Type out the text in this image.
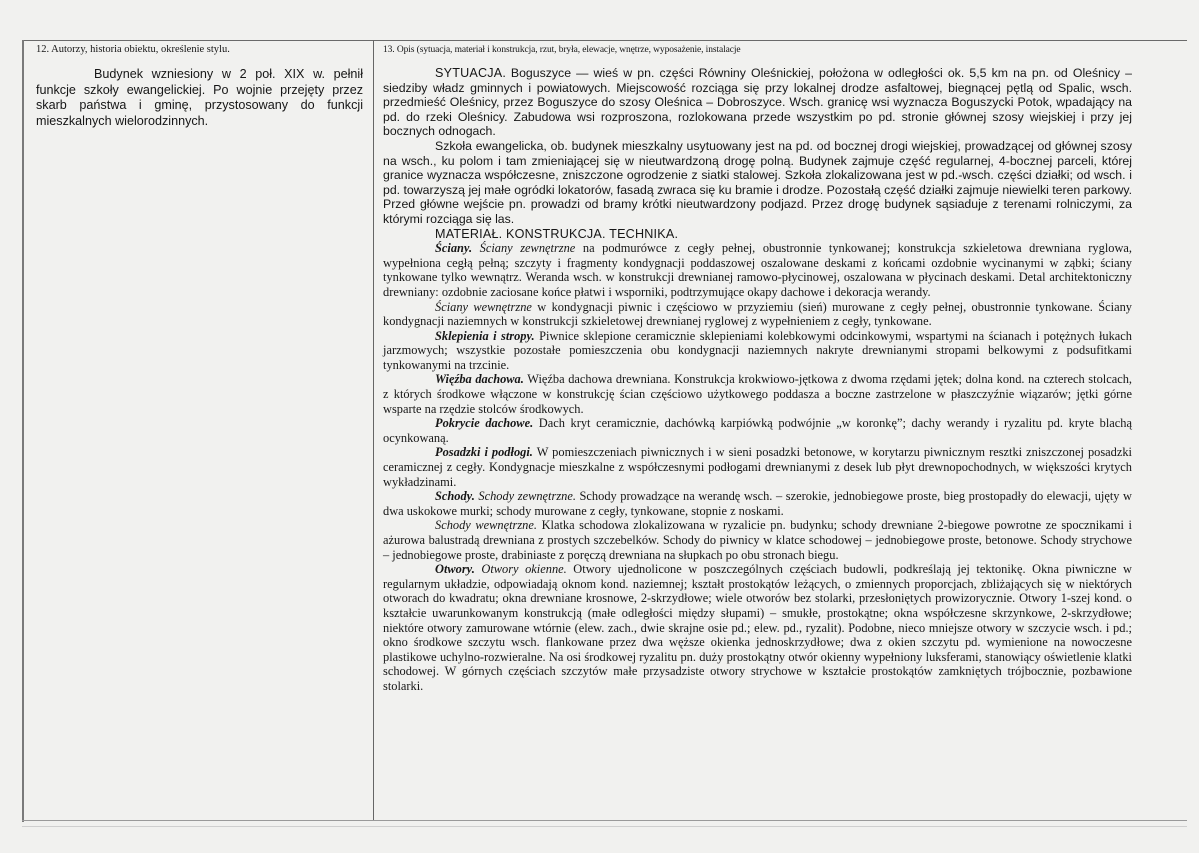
12. Autorzy, historia obiektu, określenie stylu.

Budynek wzniesiony w 2 poł. XIX w. pełnił funkcje szkoły ewangelickiej. Po wojnie przejęty przez skarb państwa i gminę, przystosowany do funkcji mieszkalnych wielorodzinnych.

13. Opis (sytuacja, materiał i konstrukcja, rzut, bryła, elewacje, wnętrze, wyposażenie, instalacje

SYTUACJA. Boguszyce — wieś w pn. części Równiny Oleśnickiej, położona w odległości ok. 5,5 km na pn. od Oleśnicy – siedziby władz gminnych i powiatowych. Miejscowość rozciąga się przy lokalnej drodze asfaltowej, biegnącej pętlą od Spalic, wsch. przedmieść Oleśnicy, przez Boguszyce do szosy Oleśnica – Dobroszyce. Wsch. granicę wsi wyznacza Boguszycki Potok, wpadający na pd. do rzeki Oleśnicy. Zabudowa wsi rozproszona, rozlokowana przede wszystkim po pd. stronie głównej szosy wiejskiej i przy jej bocznych odnogach.

Szkoła ewangelicka, ob. budynek mieszkalny usytuowany jest na pd. od bocznej drogi wiejskiej, prowadzącej od głównej szosy na wsch., ku polom i tam zmieniającej się w nieutwardzoną drogę polną. Budynek zajmuje część regularnej, 4-bocznej parceli, której granice wyznacza współczesne, zniszczone ogrodzenie z siatki stalowej. Szkoła zlokalizowana jest w pd.-wsch. części działki; od wsch. i pd. towarzyszą jej małe ogródki lokatorów, fasadą zwraca się ku bramie i drodze. Pozostałą część działki zajmuje niewielki teren parkowy. Przed główne wejście pn. prowadzi od bramy krótki nieutwardzony podjazd. Przez drogę budynek sąsiaduje z terenami rolniczymi, za którymi rozciąga się las.

MATERIAŁ. KONSTRUKCJA. TECHNIKA.

Ściany. Ściany zewnętrzne na podmurówce z cegły pełnej, obustronnie tynkowanej; konstrukcja szkieletowa drewniana ryglowa, wypełniona cegłą pełną; szczyty i fragmenty kondygnacji poddaszowej oszalowane deskami z końcami ozdobnie wycinanymi w ząbki; ściany tynkowane tylko wewnątrz. Weranda wsch. w konstrukcji drewnianej ramowo-płycinowej, oszalowana w płycinach deskami. Detal architektoniczny drewniany: ozdobnie zaciosane końce płatwi i wsporniki, podtrzymujące okapy dachowe i dekoracja werandy.

Ściany wewnętrzne w kondygnacji piwnic i częściowo w przyziemiu (sień) murowane z cegły pełnej, obustronnie tynkowane. Ściany kondygnacji naziemnych w konstrukcji szkieletowej drewnianej ryglowej z wypełnieniem z cegły, tynkowane.

Sklepienia i stropy. Piwnice sklepione ceramicznie sklepieniami kolebkowymi odcinkowymi, wspartymi na ścianach i potężnych łukach jarzmowych; wszystkie pozostałe pomieszczenia obu kondygnacji naziemnych nakryte drewnianymi stropami belkowymi z podsufitkami tynkowanymi na trzcinie.

Więźba dachowa. Więźba dachowa drewniana. Konstrukcja krokwiowo-jętkowa z dwoma rzędami jętek; dolna kond. na czterech stolcach, z których środkowe włączone w konstrukcję ścian częściowo użytkowego poddasza a boczne zastrzelone w płaszczyźnie wiązarów; jętki górne wsparte na rzędzie stolców środkowych.

Pokrycie dachowe. Dach kryt ceramicznie, dachówką karpiówką podwójnie „w koronkę”; dachy werandy i ryzalitu pd. kryte blachą ocynkowaną.

Posadzki i podłogi. W pomieszczeniach piwnicznych i w sieni posadzki betonowe, w korytarzu piwnicznym resztki zniszczonej posadzki ceramicznej z cegły. Kondygnacje mieszkalne z współczesnymi podłogami drewnianymi z desek lub płyt drewnopochodnych, w większości krytych wykładzinami.

Schody. Schody zewnętrzne. Schody prowadzące na werandę wsch. – szerokie, jednobiegowe proste, bieg prostopadły do elewacji, ujęty w dwa uskokowe murki; schody murowane z cegły, tynkowane, stopnie z noskami.

Schody wewnętrzne. Klatka schodowa zlokalizowana w ryzalicie pn. budynku; schody drewniane 2-biegowe powrotne ze spocznikami i ażurowa balustradą drewniana z prostych szczebelków. Schody do piwnicy w klatce schodowej – jednobiegowe proste, betonowe. Schody strychowe – jednobiegowe proste, drabiniaste z poręczą drewniana na słupkach po obu stronach biegu.

Otwory. Otwory okienne. Otwory ujednolicone w poszczególnych częściach budowli, podkreślają jej tektonikę. Okna piwniczne w regularnym układzie, odpowiadają oknom kond. naziemnej; kształt prostokątów leżących, o zmiennych proporcjach, zbliżających się w niektórych otworach do kwadratu; okna drewniane krosnowe, 2-skrzydłowe; wiele otworów bez stolarki, przesłoniętych prowizorycznie. Otwory 1-szej kond. o kształcie uwarunkowanym konstrukcją (małe odległości między słupami) – smukłe, prostokątne; okna współczesne skrzynkowe, 2-skrzydłowe; niektóre otwory zamurowane wtórnie (elew. zach., dwie skrajne osie pd.; elew. pd., ryzalit). Podobne, nieco mniejsze otwory w szczycie wsch. i pd.; okno środkowe szczytu wsch. flankowane przez dwa węższe okienka jednoskrzydłowe; dwa z okien szczytu pd. wymienione na nowoczesne plastikowe uchylno-rozwieralne. Na osi środkowej ryzalitu pn. duży prostokątny otwór okienny wypełniony luksferami, stanowiący oświetlenie klatki schodowej. W górnych częściach szczytów małe przysadziste otwory strychowe w kształcie prostokątów zamkniętych trójbocznie, pozbawione stolarki.
